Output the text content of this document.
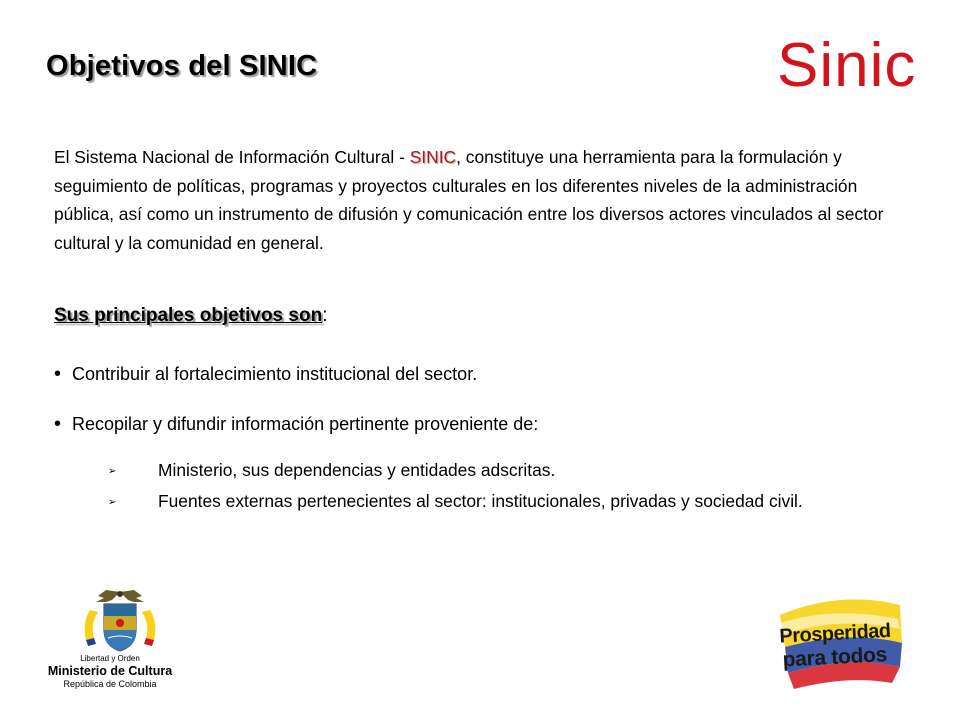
Objetivos del SINIC	Sinic
El Sistema Nacional de Información Cultural - SINIC, constituye una herramienta para la formulación y seguimiento de políticas, programas y proyectos culturales en los diferentes niveles de la administración pública, así como un instrumento de difusión y comunicación entre los diversos actores vinculados al sector cultural y la comunidad en general.
Sus principales objetivos son:
• Contribuir al fortalecimiento institucional del sector.
• Recopilar y difundir información pertinente proveniente de:
➢ Ministerio, sus dependencias y entidades adscritas.
➢ Fuentes externas pertenecientes al sector: institucionales, privadas y sociedad civil.
Libertad y Orden
Ministerio de Cultura
República de Colombia
Prosperidad
para todos
